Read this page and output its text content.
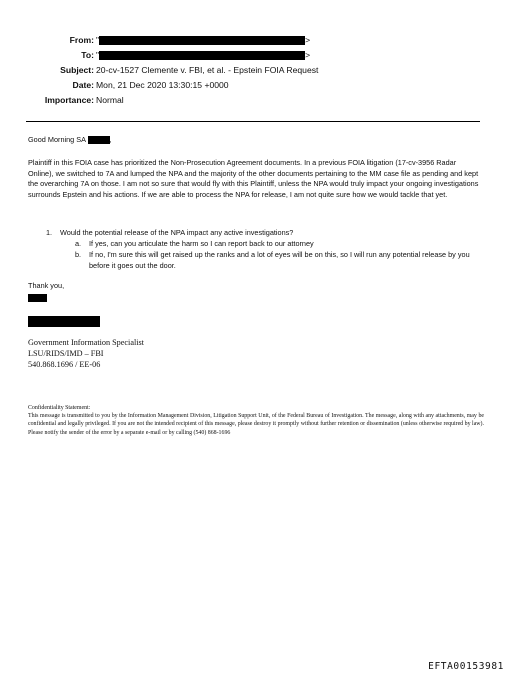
From: "	>
To: "	>
Subject: 20-cv-1527 Clemente v. FBI, et al. - Epstein FOIA Request
Date: Mon, 21 Dec 2020 13:30:15 +0000
Importance: Normal
Good Morning SA	,

Plaintiff in this FOIA case has prioritized the Non-Prosecution Agreement documents. In a previous FOIA litigation (17-cv-3956 Radar Online), we switched to 7A and lumped the NPA and the majority of the other documents pertaining to the MM case file as pending and kept the overarching 7A on those. I am not so sure that would fly with this Plaintiff, unless the NPA would truly impact your ongoing investigations surrounds Epstein and his actions. If we are able to process the NPA for release, I am not quite sure how we would tackle that yet.

1. Would the potential release of the NPA impact any active investigations?
a. If yes, can you articulate the harm so I can report back to our attorney
b. If no, I'm sure this will get raised up the ranks and a lot of eyes will be on this, so I will run any potential release by you before it goes out the door.
Thank you,
Government Information Specialist
LSU/RIDS/IMD – FBI
540.868.1696 / EE-06
Confidentiality Statement:
This message is transmitted to you by the Information Management Division, Litigation Support Unit, of the Federal Bureau of Investigation. The message, along with any attachments, may be confidential and legally privileged. If you are not the intended recipient of this message, please destroy it promptly without further retention or dissemination (unless otherwise required by law). Please notify the sender of the error by a separate e-mail or by calling (540) 868-1696
EFTA00153981
